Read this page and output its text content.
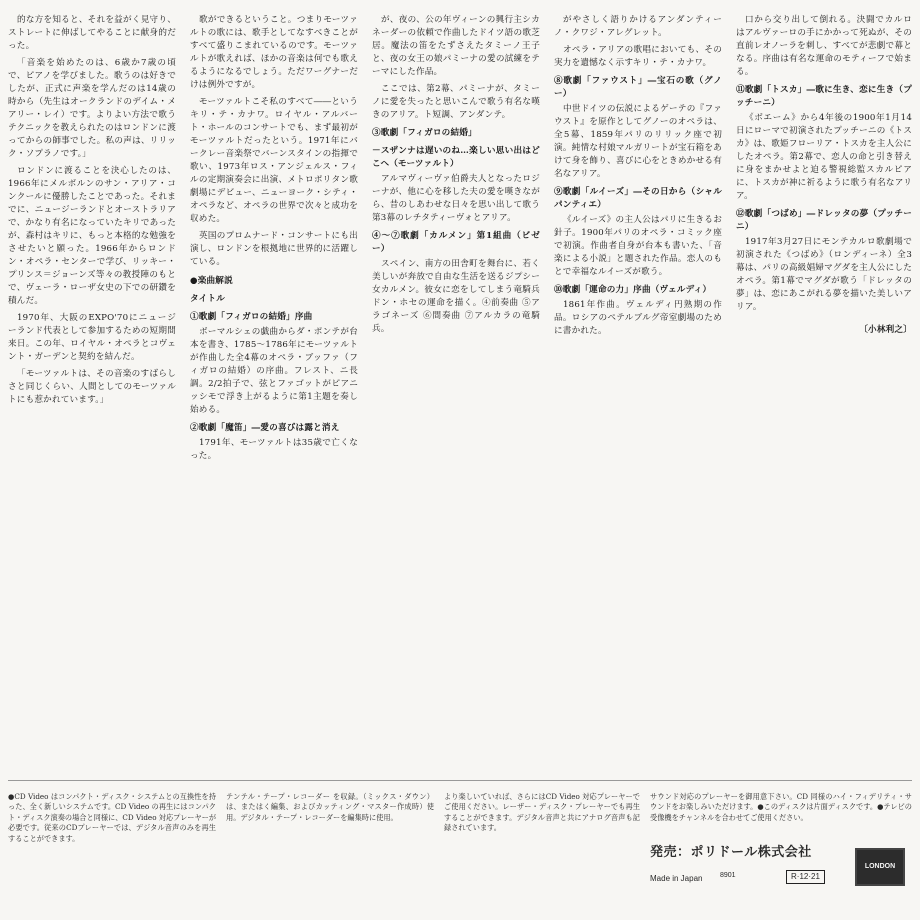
的な方を知ると、それを益がく見守り、ストレートに伸ばしてやることに献身的だった。

「音楽を始めたのは、6歳か7歳の頃で、ピアノを学びました。歌うのは好きでしたが、正式に声楽を学んだのは14歳の時から（先生はオークランドのデイム・メアリー・レイ）です。よりよい方法で歌うテクニックを教えられたのはロンドンに渡ってからの師事でした。私の声は、リリック・ソプラノです。」

ロンドンに渡ることを決心したのは、1966年にメルボルンのサン・アリア・コンクールに優勝したことであった。それまでに、ニュージーランドとオーストラリアで、かなり有名になっていたキリであったが、森村はキリに、もっと本格的な勉強をさせたいと願った。1966年からロンドン・オペラ・センターで学び、リッキー・プリンス＝ジョーンズ等々の教授陣のもとで、ヴェーラ・ローザ女史の下での研鑽を積んだ。

1970年、大阪のEXPO'70にニュージーランド代表として参加するための短期間来日。この年、ロイヤル・オペラとコヴェント・ガーデンと契約を結んだ。

「モーツァルトは、その音楽のすばらしさと同じくらい、人間としてのモーツァルトにも惹かれています。」

歌ができるということ。つまりモーツァルトの歌には、歌手としてなすべきことがすべて盛りこまれているのです。モーツァルトが歌えれば、ほかの音楽は何でも歌えるようになるでしょう。ただワーグナーだけは例外ですが。

モーツァルトこそ私のすべて――というキリ・テ・カナワ。ロイヤル・アルバート・ホールのコンサートでも、まず最初がモーツァルトだったという。1971年にバークレー音楽祭でバーンスタインの指揮で歌い、1973年ロス・アンジェルス・フィルの定期演奏会に出演、メトロポリタン歌劇場にデビュー、ニューヨーク・シティ・オペラなど、オペラの世界で次々と成功を収めた。

英国のプロムナード・コンサートにも出演し、ロンドンを根拠地に世界的に活躍している。

●楽曲解説

タイトル

①歌劇「フィガロの結婚」序曲

ボーマルシェの戯曲からダ・ポンテが台本を書き、1785～1786年にモーツァルトが作曲した全4幕のオペラ・ブッファ（フィガロの結婚）の序曲。フレスト、ニ長調。2/2拍子で、弦とファゴットがピアニッシモで浮き上がるように第1主題を奏し始める。

②歌劇「魔笛」―愛の喜びは露と消え

1791年、モーツァルトは35歳で亡くなった。

が、夜の、公の年ヴィーンの興行主シカネーダーの依頼で作曲したドイツ語の歌芝居。魔法の笛をたずさえたタミーノ王子と、夜の女王の娘パミーナの愛の試練をテーマにした作品。

ここでは、第2幕、パミーナが、タミーノに愛を失ったと思いこんで歌う有名な嘆きのアリア。ト短調、アンダンテ。

③歌劇「フィガロの結婚」

－スザンナは遅いのね…楽しい思い出はどこへ（モーツァルト）

アルマヴィーヴァ伯爵夫人となったロジーナが、他に心を移した夫の愛を嘆きながら、昔のしあわせな日々を思い出して歌う第3幕のレチタティーヴォとアリア。

④～⑦歌劇「カルメン」第1組曲（ビゼー）

スペイン、南方の田舎町を舞台に、若く美しいが奔放で自由な生活を送るジプシー女カルメン。彼女に恋をしてしまう竜騎兵ドン・ホセの運命を描く。④前奏曲 ⑤アラゴネーズ ⑥間奏曲 ⑦アルカラの竜騎兵。

がやさしく語りかけるアンダンティーノ・クワジ・アレグレット。

オペラ・アリアの歌唱においても、その実力を遺憾なく示すキリ・テ・カナワ。

⑧歌劇「ファウスト」―宝石の歌（グノー）

中世ドイツの伝説によるゲーテの『ファウスト』を原作としてグノーのオペラは、全5幕、1859年パリのリリック座で初演。純情な村娘マルガリートが宝石箱をあけて身を飾り、喜びに心をときめかせる有名なアリア。

⑨歌劇「ルイーズ」―その日から（シャルパンティエ）

《ルイーズ》の主人公はパリに生きるお針子。1900年パリのオペラ・コミック座で初演。作曲者自身が台本も書いた、「音楽による小説」と題された作品。恋人のもとで幸福なルイーズが歌う。

⑩歌劇「運命の力」序曲（ヴェルディ）

1861年作曲。ヴェルディ円熟期の作品。ロシアのペテルブルグ帝室劇場のために書かれた。

口から交り出して倒れる。決闘でカルロはアルヴァーロの手にかかって死ぬが、その直前レオノーラを刺し、すべてが悲劇で幕となる。序曲は有名な運命のモティーフで始まる。

⑪歌劇「トスカ」―歌に生き、恋に生き（プッチーニ）

《ボエーム》から4年後の1900年1月14日にローマで初演されたプッチーニの《トスカ》は、歌姫フローリア・トスカを主人公にしたオペラ。第2幕で、恋人の命と引き替えに身をまかせよと迫る警視総監スカルピアに、トスカが神に祈るように歌う有名なアリア。

⑫歌劇「つばめ」―ドレッタの夢（プッチーニ）

1917年3月27日にモンテカルロ歌劇場で初演された《つばめ》（ロンディーネ）全3幕は、パリの高級娼婦マグダを主人公にしたオペラ。第1幕でマグダが歌う「ドレッタの夢」は、恋にあこがれる夢を描いた美しいアリア。

〔小林利之〕

●CD Video はコンパクト・ディスク・システムとの互換性を持った、全く新しいシステムです。CD Video の再生にはコンパクト・ディスク演奏の場合と同様に、CD Video 対応プレーヤーが必要です。従来のCDプレーヤーでは、デジタル音声のみを再生することができます。

テンテル・テープ・レコーダー を収録。（ミックス・ダウン）は、またはく編集、およびカッティング・マスター作成時）使用。デジタル・テープ・レコーダーを編集時に使用。

より楽しいていれば、さらにはCD Video 対応プレーヤーでご使用ください。レーザー・ディスク・プレーヤーでも再生することができます。デジタル音声と共にアナログ音声も記録されています。

サウンド対応のプレーヤーを御用意下さい。CD 同様のハイ・フィデリティ・サウンドをお楽しみいただけます。●このディスクは片面ディスクです。●テレビの受像機をチャンネルを合わせてご使用ください。

発売：ポリドール株式会社
Made in Japan	8901	R·12·21
LONDON
